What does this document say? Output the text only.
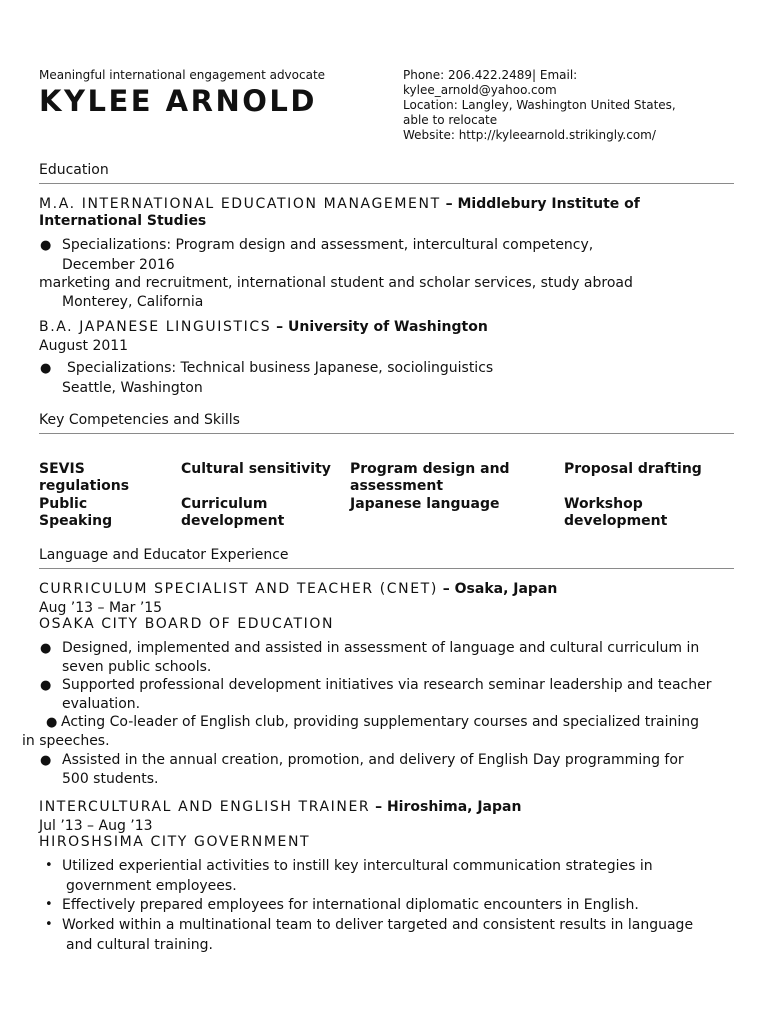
Meaningful international engagement advocate
KYLEE ARNOLD
Phone: 206.422.2489| Email:
kylee_arnold@yahoo.com
Location: Langley, Washington United States,
able to relocate
Website: http://kyleearnold.strikingly.com/
Education
M.A. INTERNATIONAL EDUCATION MANAGEMENT – Middlebury Institute of
International Studies
● Specializations: Program design and assessment, intercultural competency,
December 2016
marketing and recruitment, international student and scholar services, study abroad
Monterey, California
B.A. JAPANESE LINGUISTICS – University of Washington
August 2011
● Specializations: Technical business Japanese, sociolinguistics
Seattle, Washington
Key Competencies and Skills
SEVIS
regulations
Cultural sensitivity Program design and
assessment
Proposal drafting
Public
Speaking
Curriculum
development
Japanese language	Workshop
development
Language and Educator Experience
CURRICULUM SPECIALIST AND TEACHER (CNET) – Osaka, Japan
Aug ’13 – Mar ’15
OSAKA CITY BOARD OF EDUCATION
● Designed, implemented and assisted in assessment of language and cultural curriculum in
seven public schools.
● Supported professional development initiatives via research seminar leadership and teacher
evaluation.
● Acting Co-leader of English club, providing supplementary courses and specialized training
in speeches.
● Assisted in the annual creation, promotion, and delivery of English Day programming for
500 students.
INTERCULTURAL AND ENGLISH TRAINER – Hiroshima, Japan
Jul ’13 – Aug ’13
HIROSHSIMA CITY GOVERNMENT
• Utilized experiential activities to instill key intercultural communication strategies in
government employees.
• Effectively prepared employees for international diplomatic encounters in English.
• Worked within a multinational team to deliver targeted and consistent results in language
and cultural training.
